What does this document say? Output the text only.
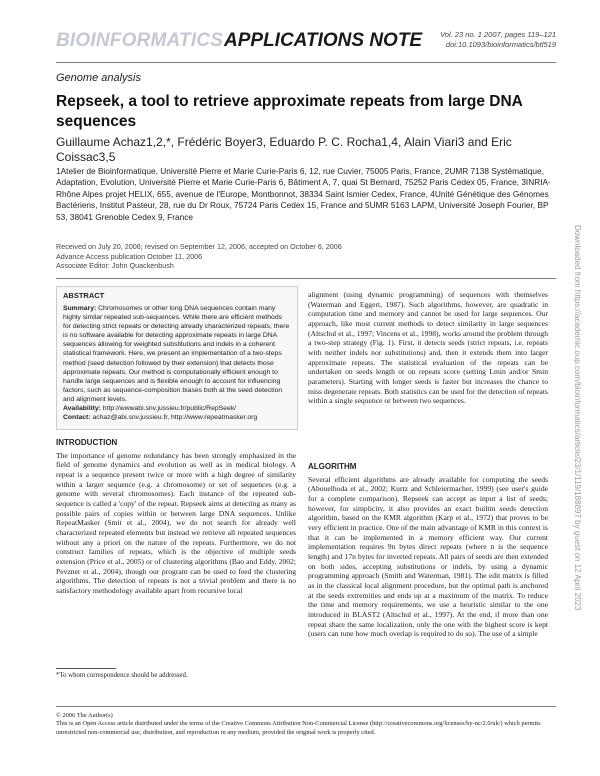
BIOINFORMATICS APPLICATIONS NOTE Vol. 23 no. 1 2007, pages 119–121
doi:10.1093/bioinformatics/btl519
Genome analysis
Repseek, a tool to retrieve approximate repeats from large DNA sequences
Guillaume Achaz1,2,*, Frédéric Boyer3, Eduardo P. C. Rocha1,4, Alain Viari3 and Eric Coissac3,5
1Atelier de Bioinformatique, Université Pierre et Marie Curie-Paris 6, 12, rue Cuvier, 75005 Paris, France, 2UMR 7138 Systématique, Adaptation, Evolution, Université Pierre et Marie Curie-Paris 6, Bâtiment A, 7, quai St Bernard, 75252 Paris Cedex 05, France, 3INRIA-Rhône Alpes projet HELIX, 655, avenue de l'Europe, Montbonnot, 38334 Saint Ismier Cedex, France, 4Unité Génétique des Génomes Bactériens, Institut Pasteur, 28, rue du Dr Roux, 75724 Paris Cedex 15, France and 5UMR 5163 LAPM, Université Joseph Fourier, BP 53, 38041 Grenoble Cedex 9, France
Received on July 20, 2006; revised on September 12, 2006; accepted on October 6, 2006
Advance Access publication October 11, 2006
Associate Editor: John Quackenbush
ABSTRACT

Summary: Chromosomes or other long DNA sequences contain many highly similar repeated sub-sequences. While there are efficient methods for detecting strict repeats or detecting already characterized repeats, there is no software available for detecting approximate repeats in large DNA sequences allowing for weighted substitutions and indels in a coherent statistical framework. Here, we present an implementation of a two-steps method (seed detection followed by their extension) that detects those approximate repeats. Our method is computationally efficient enough to handle large sequences and is flexible enough to account for influencing factors, such as sequence-composition biases both at the seed detection and alignment levels.

Availability: http://wwwabi.snv.jussieu.fr/public/RepSeek/

Contact: achaz@abi.snv.jussieu.fr, http://www.repeatmasker.org

INTRODUCTION
The importance of genome redundancy has been strongly emphasized in the field of genome dynamics and evolution as well as in medical biology. A repeat is a sequence present twice or more with a high degree of similarity within a larger sequence (e.g. a chromosome) or set of sequences (e.g. a genome with several chromosomes). Each instance of the repeated sub-sequence is called a 'copy' of the repeat. Repseek aims at detecting as many as possible pairs of copies within or between large DNA sequences. Unlike RepeatMasker (Smit et al., 2004), we do not search for already well characterized repeated elements but instead we retrieve all repeated sequences without any a priori on the nature of the repeats. Furthermore, we do not construct families of repeats, which is the objective of multiple seeds extension (Price et al., 2005) or of clustering algorithms (Bao and Eddy, 2002; Pevzner et al., 2004), though our program can be used to feed the clustering algorithms. The detection of repeats is not a trivial problem and there is no satisfactory methodology available apart from recursive local
alignment (using dynamic programming) of sequences with themselves (Waterman and Eggert, 1987). Such algorithms, however, are quadratic in computation time and memory and cannot be used for large sequences. Our approach, like most current methods to detect similarity in large sequences (Altschul et al., 1997; Vincens et al., 1998), works around the problem through a two-step strategy (Fig. 1). First, it detects seeds (strict repeats, i.e. repeats with neither indels nor substitutions) and, then it extends them into larger approximate repeats. The statistical evaluation of the repeats can be undertaken on seeds length or on repeats score (setting Lmin and/or Smin parameters). Starting with longer seeds is faster but increases the chance to miss degenerate repeats. Both statistics can be used for the detection of repeats within a single sequence or between two sequences.
ALGORITHM
Several efficient algorithms are already available for computing the seeds (Abouelhoda et al., 2002; Kurtz and Schleiermacher, 1999) (see user's guide for a complete comparison). Repseek can accept as input a list of seeds; however, for simplicity, it also provides an exact builtin seeds detection algorithm, based on the KMR algorithm (Karp et al., 1972) that proves to be very efficient in practice. One of the main advantage of KMR in this context is that it can be implemented in a memory efficient way. Our current implementation requires 9n bytes direct repeats (where n is the sequence length) and 17n bytes for inverted repeats. All pairs of seeds are then extended on both sides, accepting substitutions or indels, by using a dynamic programming approach (Smith and Waterman, 1981). The edit matrix is filled as in the classical local alignment procedure, but the optimal path is anchored at the seeds extremities and ends up at a maximum of the matrix. To reduce the time and memory requirements, we use a heuristic similar to the one introduced in BLAST2 (Altschul et al., 1997). At the end, if more than one repeat share the same localization, only the one with the highest score is kept (users can tune how much overlap is required to do so). The use of a simple
*To whom correspondence should be addressed.
© 2006 The Author(s)
This is an Open Access article distributed under the terms of the Creative Commons Attribution Non-Commercial License (http://creativecommons.org/licenses/by-nc/2.0/uk/) which permits unrestricted non-commercial use, distribution, and reproduction in any medium, provided the original work is properly cited.
Downloaded from https://academic.oup.com/bioinformatics/article/23/1/119/188897 by guest on 12 April 2023
